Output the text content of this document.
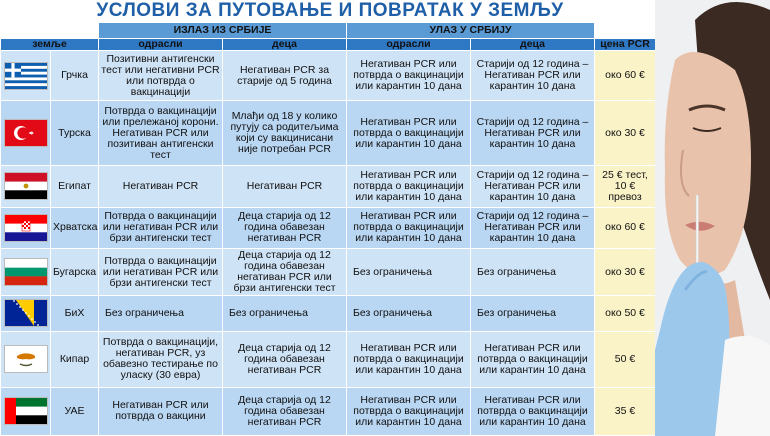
УСЛОВИ ЗА ПУТОВАЊЕ И ПОВРАТАК У ЗЕМЉУ
		ИЗЛАЗ ИЗ СРБИЈЕ		УЛАЗ У СРБИЈУ		
земље		одрасли	деца	одрасли	деца	цена PCR

	Грчка	Позитивни антигенски тест или негативни PCR или потврда о вакцинацији	Негативан PCR за старије од 5 година	Негативан PCR или потврда о вакцинацији или карантин 10 дана	Старији од 12 година – Негативан PCR или карантин 10 дана	око 60 €

	Турска	Потврда о вакцинацији или прележаној корони. Негативан PCR или позитиван антигенски тест	Млађи од 18 у колико путују са родитељима који су вакцинисани није потребан PCR	Негативан PCR или потврда о вакцинацији или карантин 10 дана	Старији од 12 година – Негативан PCR или карантин 10 дана	око 30 €

	Египат	Негативан PCR	Негативан PCR	Негативан PCR или потврда о вакцинацији или карантин 10 дана	Старији од 12 година – Негативан PCR или карантин 10 дана	25 € тест, 10 € превоз

	Хрватска	Потврда о вакцинацији или негативан PCR или брзи антигенски тест	Деца старија од 12 година обавезан негативан PCR	Негативан PCR или потврда о вакцинацији или карантин 10 дана	Старији од 12 година – Негативан PCR или карантин 10 дана	око 60 €

	Бугарска	Потврда о вакцинацији или негативан PCR или брзи антигенски тест	Деца старија од 12 година обавезан негативан PCR или брзи антигенски тест	Без ограничења	Без ограничења	око 30 €

	БиХ	Без ограничења	Без ограничења	Без ограничења	Без ограничења	око 50 €

	Кипар	Потврда о вакцинацији, негативан PCR, уз обавезно тестирање по уласку (30 евра)	Деца старија од 12 година обавезан негативан PCR	Негативан PCR или потврда о вакцинацији или карантин 10 дана	Негативан PCR или потврда о вакцинацији или карантин 10 дана	50 €

	УАЕ	Негативан PCR или потврда о вакцини	Деца старија од 12 година обавезан негативан PCR	Негативан PCR или потврда о вакцинацији или карантин 10 дана	Негативан PCR или потврда о вакцинацији или карантин 10 дана	35 €
